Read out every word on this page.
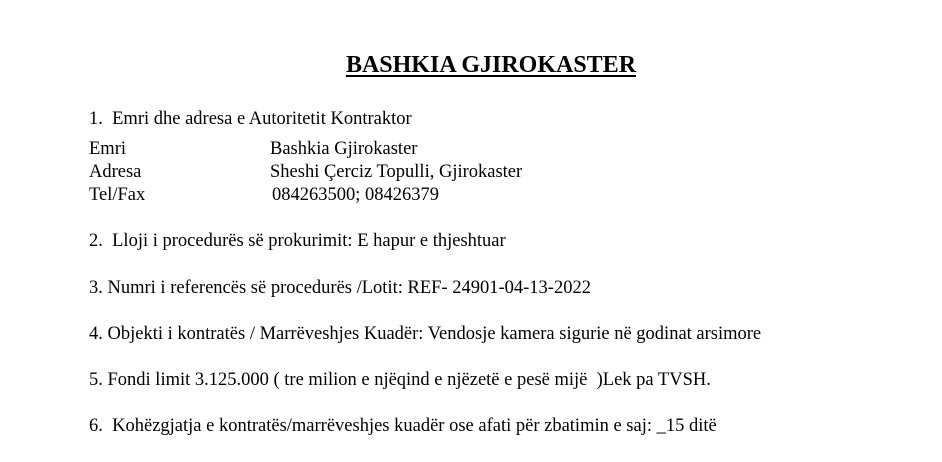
BASHKIA GJIROKASTER
1.  Emri dhe adresa e Autoritetit Kontraktor
Emri	Bashkia Gjirokaster
Adresa	Sheshi Çerciz Topulli, Gjirokaster
Tel/Fax	084263500; 08426379
2.  Lloji i procedurës së prokurimit: E hapur e thjeshtuar
3. Numri i referencës së procedurës /Lotit: REF- 24901-04-13-2022
4. Objekti i kontratës / Marrëveshjes Kuadër: Vendosje kamera sigurie në godinat arsimore
5. Fondi limit 3.125.000 ( tre milion e njëqind e njëzetë e pesë mijë  )Lek pa TVSH.
6.  Kohëzgjatja e kontratës/marrëveshjes kuadër ose afati për zbatimin e saj: _15 ditë
